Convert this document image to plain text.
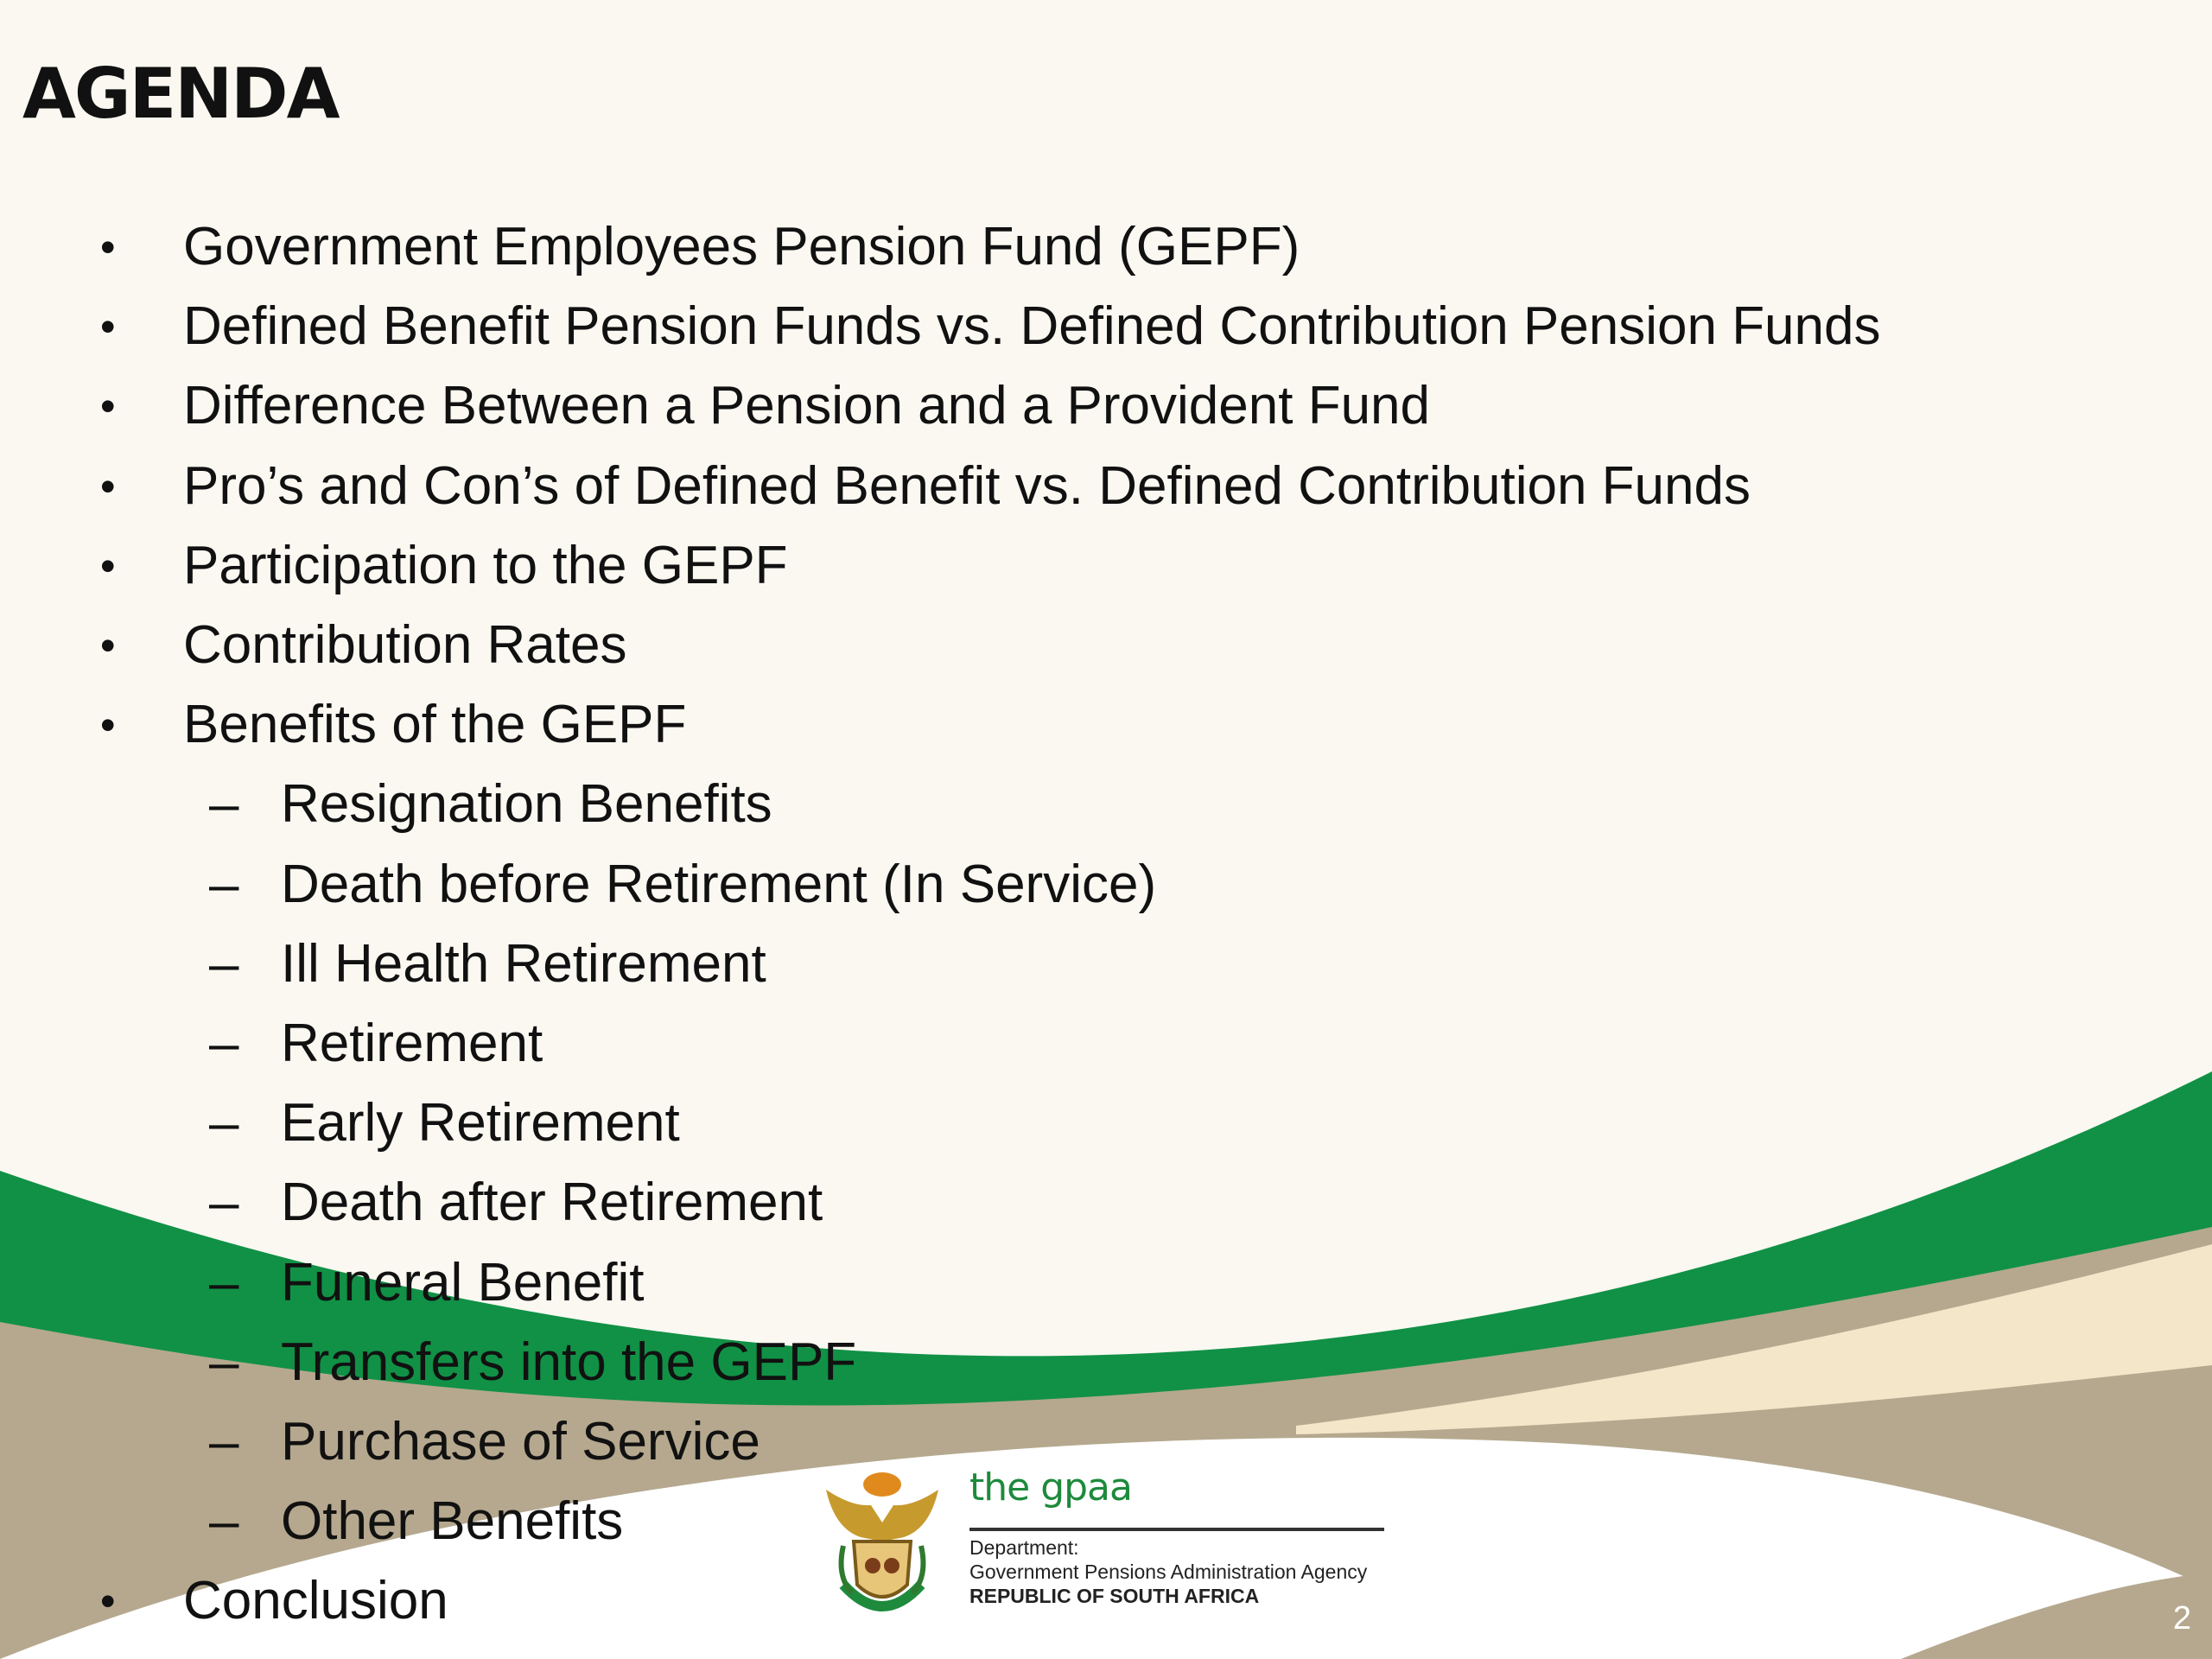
AGENDA
• Government Employees Pension Fund (GEPF)
• Defined Benefit Pension Funds vs. Defined Contribution Pension Funds
• Difference Between a Pension and a Provident Fund
• Pro’s and Con’s of Defined Benefit vs. Defined Contribution Funds
• Participation to the GEPF
• Contribution Rates
• Benefits of the GEPF
– Resignation Benefits
– Death before Retirement (In Service)
– Ill Health Retirement
– Retirement
– Early Retirement
– Death after Retirement
– Funeral Benefit
– Transfers into the GEPF
– Purchase of Service
– Other Benefits
• Conclusion
the gpaa
Department:
Government Pensions Administration Agency
REPUBLIC OF SOUTH AFRICA
2
